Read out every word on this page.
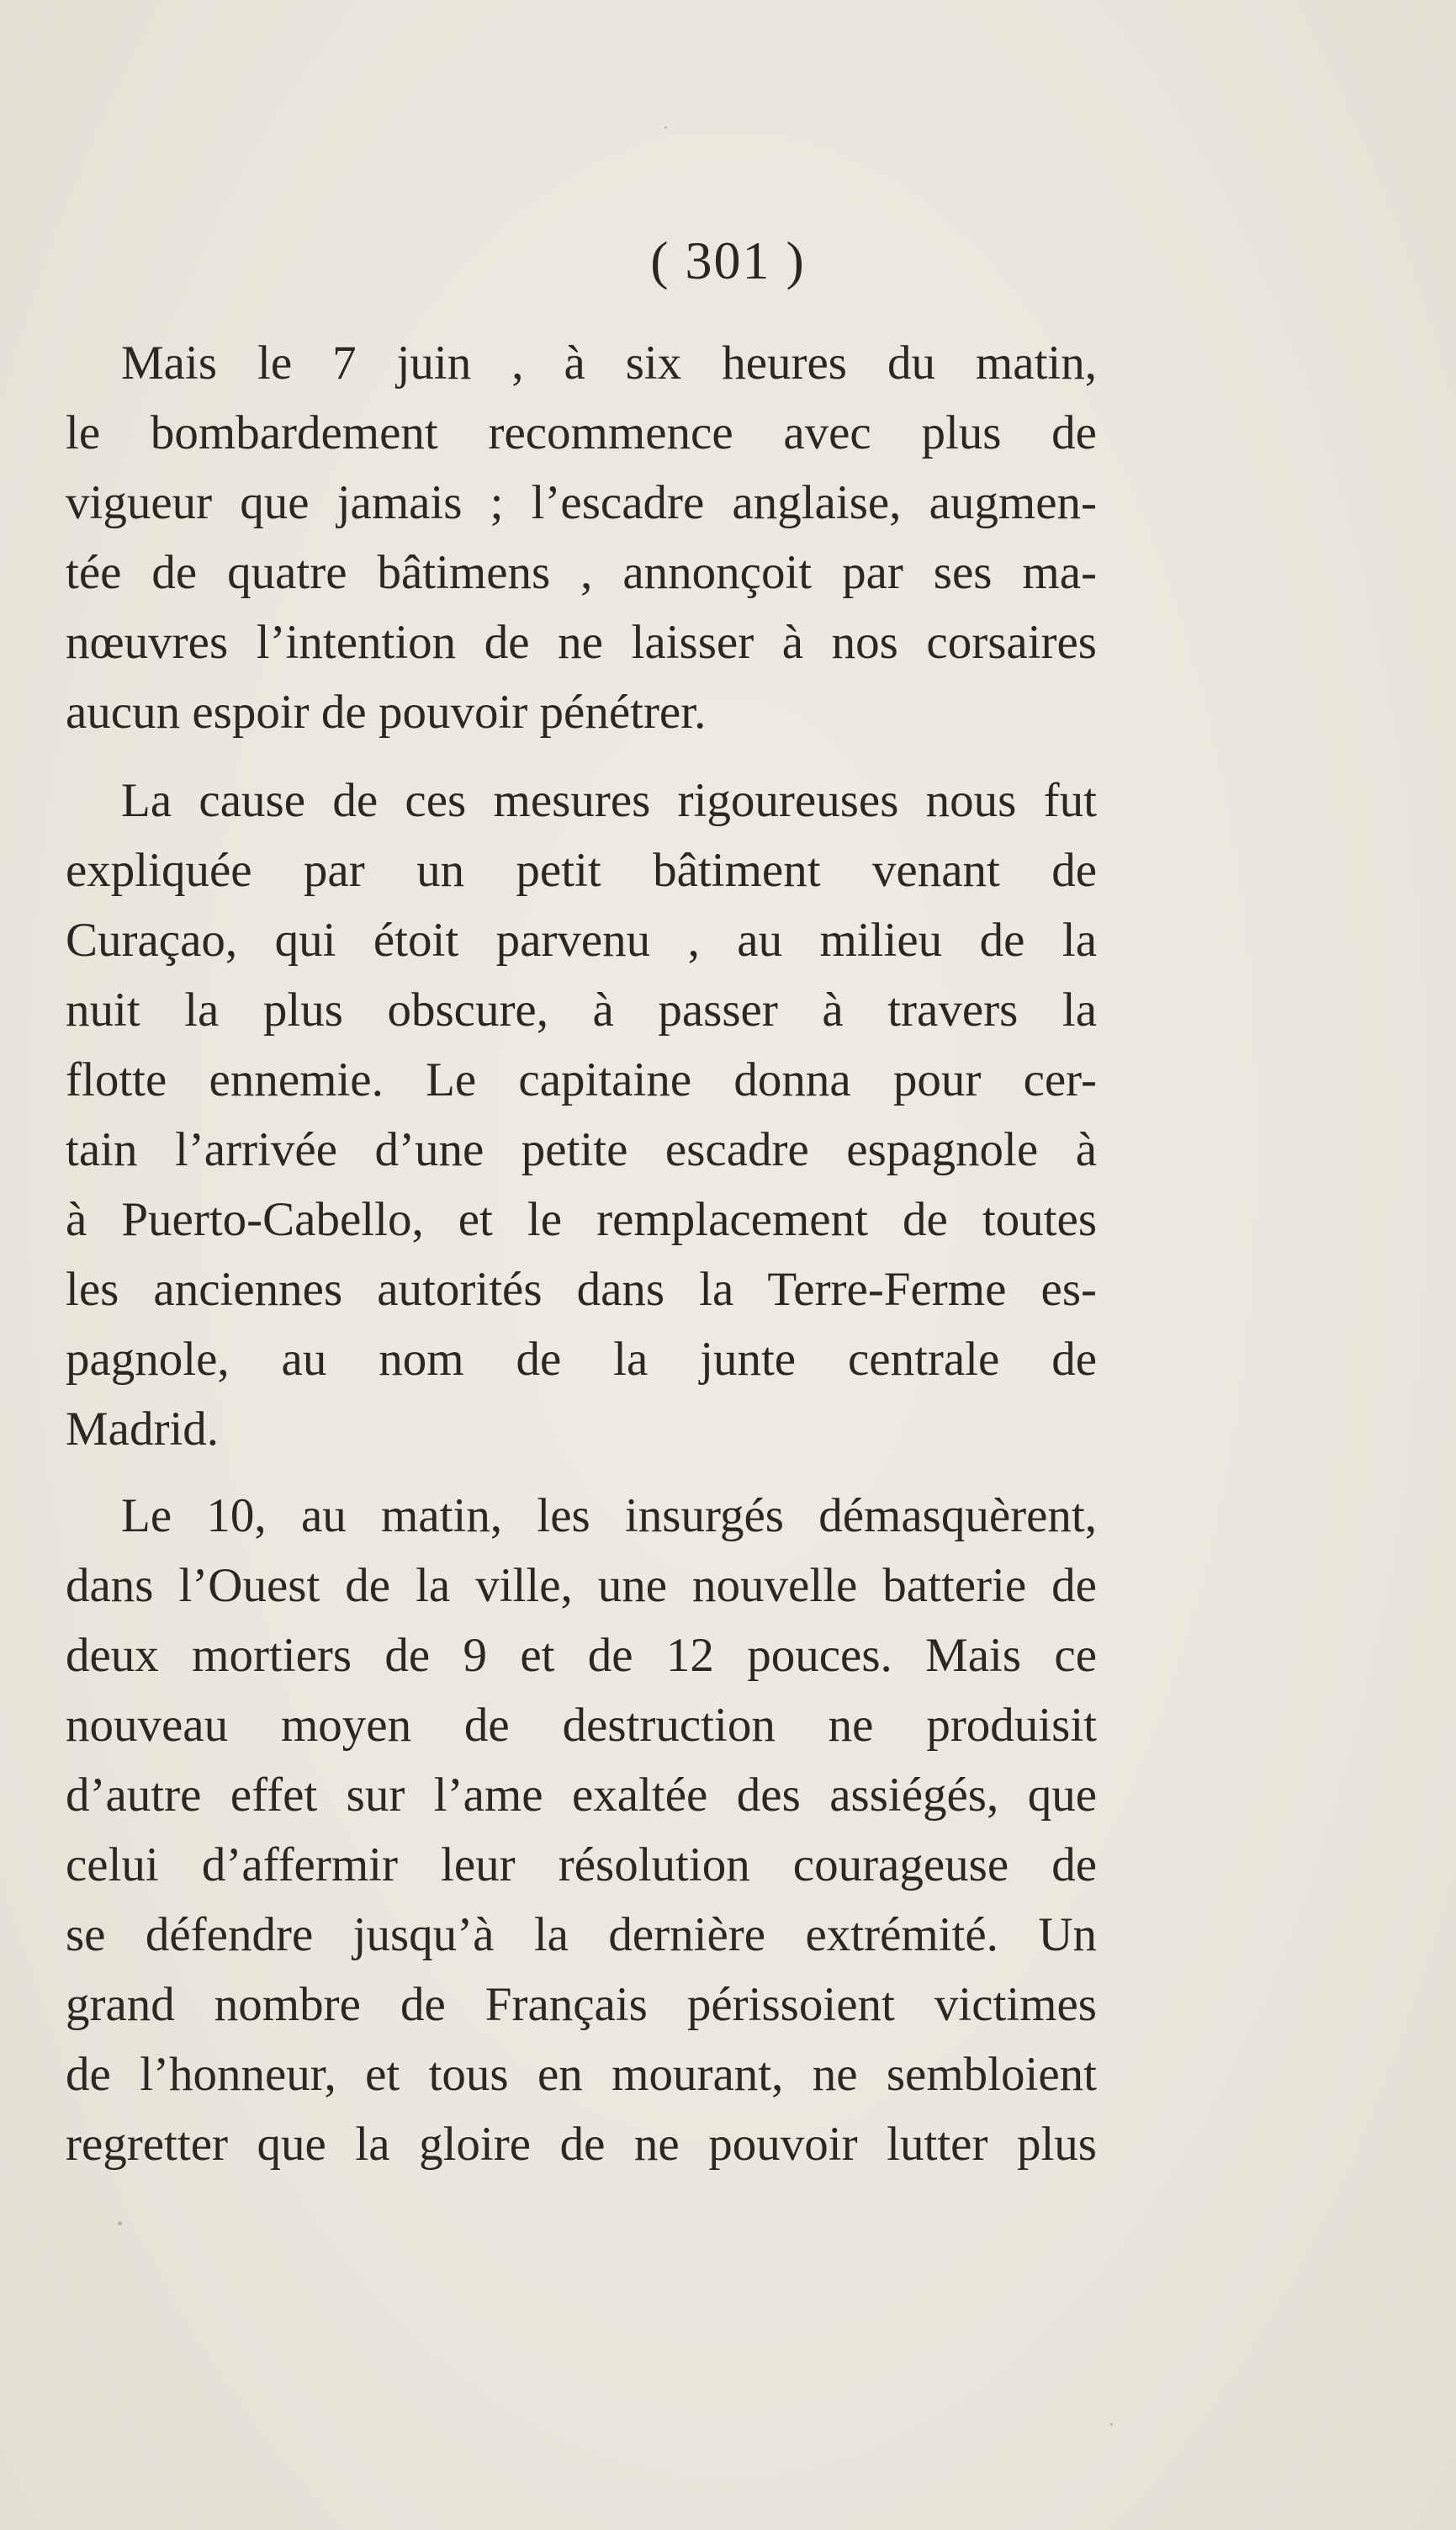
( 301 )
Mais le 7 juin , à six heures du matin,
le bombardement recommence avec plus de
vigueur que jamais ; l’escadre anglaise, augmen-
tée de quatre bâtimens , annonçoit par ses ma-
nœuvres l’intention de ne laisser à nos corsaires
aucun espoir de pouvoir pénétrer.
La cause de ces mesures rigoureuses nous fut
expliquée par un petit bâtiment venant de
Curaçao, qui étoit parvenu , au milieu de la
nuit la plus obscure, à passer à travers la
flotte ennemie. Le capitaine donna pour cer-
tain l’arrivée d’une petite escadre espagnole à
à Puerto-Cabello, et le remplacement de toutes
les anciennes autorités dans la Terre-Ferme es-
pagnole, au nom de la junte centrale de
Madrid.
Le 10, au matin, les insurgés démasquèrent,
dans l’Ouest de la ville, une nouvelle batterie de
deux mortiers de 9 et de 12 pouces. Mais ce
nouveau moyen de destruction ne produisit
d’autre effet sur l’ame exaltée des assiégés, que
celui d’affermir leur résolution courageuse de
se défendre jusqu’à la dernière extrémité. Un
grand nombre de Français périssoient victimes
de l’honneur, et tous en mourant, ne sembloient
regretter que la gloire de ne pouvoir lutter plus
